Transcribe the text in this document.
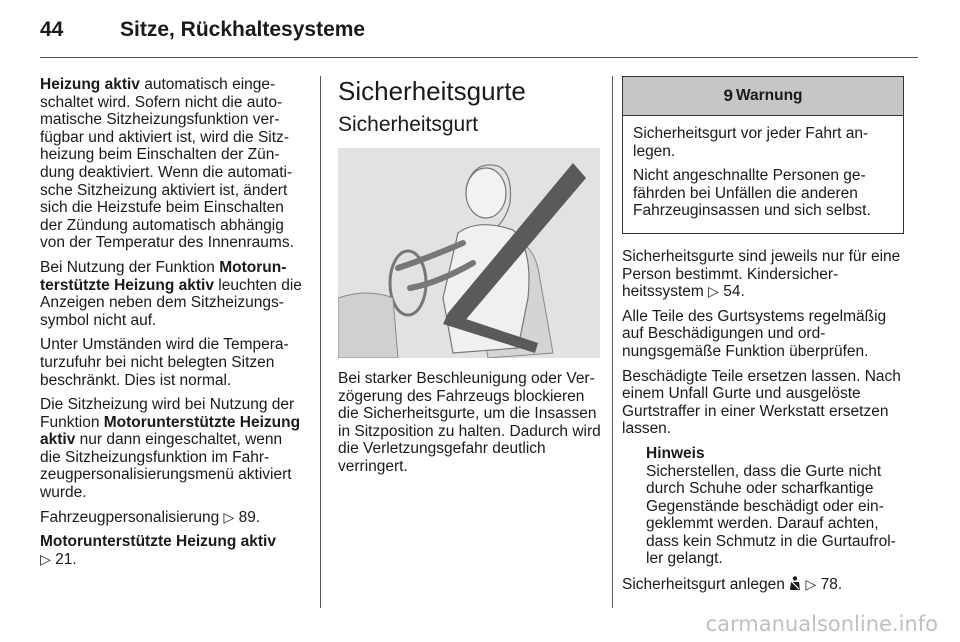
44	Sitze, Rückhaltesysteme

Heizung aktiv automatisch eingeschaltet wird. Sofern nicht die automatische Sitzheizungsfunktion verfügbar und aktiviert ist, wird die Sitzheizung beim Einschalten der Zündung deaktiviert. Wenn die automatische Sitzheizung aktiviert ist, ändert sich die Heizstufe beim Einschalten der Zündung automatisch abhängig von der Temperatur des Innenraums.

Bei Nutzung der Funktion Motorunterstützte Heizung aktiv leuchten die Anzeigen neben dem Sitzheizungssymbol nicht auf.

Unter Umständen wird die Temperaturzufuhr bei nicht belegten Sitzen beschränkt. Dies ist normal.

Die Sitzheizung wird bei Nutzung der Funktion Motorunterstützte Heizung aktiv nur dann eingeschaltet, wenn die Sitzheizungsfunktion im Fahrzeugpersonalisierungsmenü aktiviert wurde.

Fahrzeugpersonalisierung ▷ 89.

Motorunterstützte Heizung aktiv
▷ 21.

Sicherheitsgurte
Sicherheitsgurt

Bei starker Beschleunigung oder Verzögerung des Fahrzeugs blockieren die Sicherheitsgurte, um die Insassen in Sitzposition zu halten. Dadurch wird die Verletzungsgefahr deutlich verringert.

9 Warnung

Sicherheitsgurt vor jeder Fahrt anlegen.

Nicht angeschnallte Personen gefährden bei Unfällen die anderen Fahrzeuginsassen und sich selbst.

Sicherheitsgurte sind jeweils nur für eine Person bestimmt. Kindersicherheitssystem ▷ 54.

Alle Teile des Gurtsystems regelmäßig auf Beschädigungen und ordnungsgemäße Funktion überprüfen.

Beschädigte Teile ersetzen lassen. Nach einem Unfall Gurte und ausgelöste Gurtstraffer in einer Werkstatt ersetzen lassen.

Hinweis
Sicherstellen, dass die Gurte nicht durch Schuhe oder scharfkantige Gegenstände beschädigt oder eingeklemmt werden. Darauf achten, dass kein Schmutz in die Gurtaufroller gelangt.

Sicherheitsgurt anlegen ▷ 78.

carmanualsonline.info
